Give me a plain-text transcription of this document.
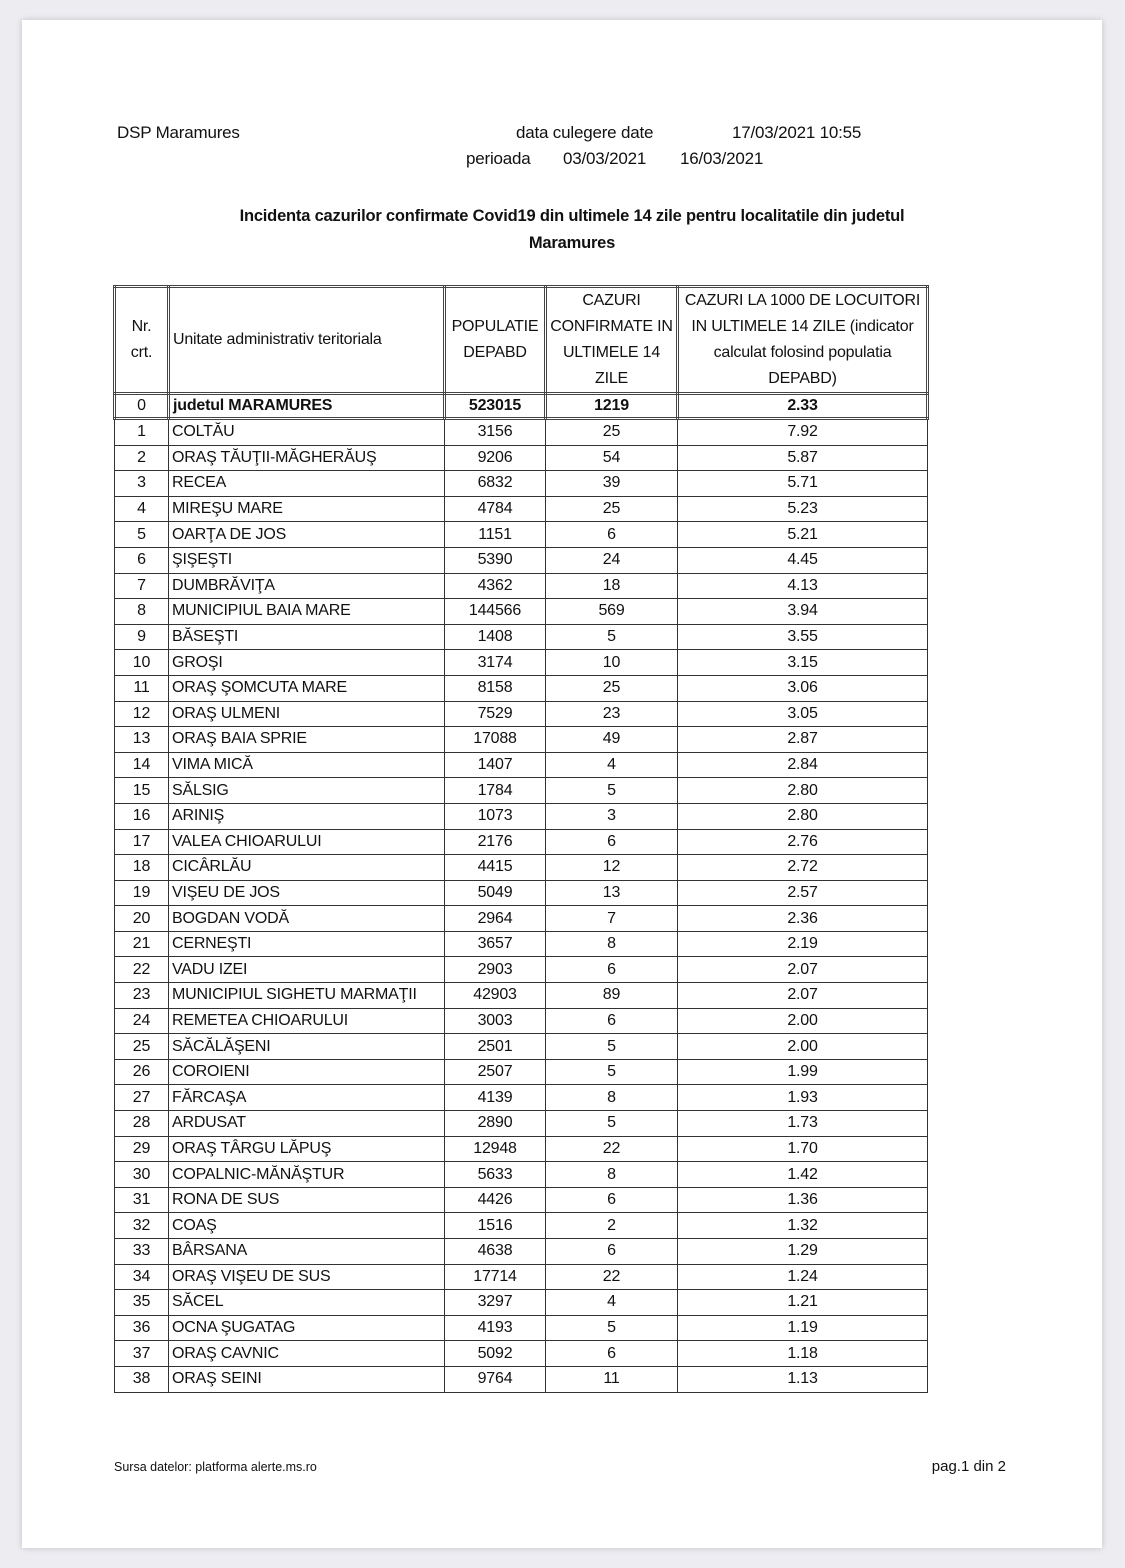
DSP Maramures	data culegere date	17/03/2021 10:55
perioada 03/03/2021 16/03/2021
Incidenta cazurilor confirmate Covid19 din ultimele 14 zile pentru localitatile din judetul
Maramures
Nr. crt.	Unitate administrativ teritoriala	POPULATIE DEPABD	CAZURI CONFIRMATE IN ULTIMELE 14 ZILE	CAZURI LA 1000 DE LOCUITORI IN ULTIMELE 14 ZILE (indicator calculat folosind populatia DEPABD)
0	judetul MARAMURES	523015	1219	2.33
1	COLTĂU	3156	25	7.92
2	ORAŞ TĂUŢII-MĂGHERĂUŞ	9206	54	5.87
3	RECEA	6832	39	5.71
4	MIREŞU MARE	4784	25	5.23
5	OARŢA DE JOS	1151	6	5.21
6	ŞIŞEŞTI	5390	24	4.45
7	DUMBRĂVIŢA	4362	18	4.13
8	MUNICIPIUL BAIA MARE	144566	569	3.94
9	BĂSEŞTI	1408	5	3.55
10	GROŞI	3174	10	3.15
11	ORAŞ ŞOMCUTA MARE	8158	25	3.06
12	ORAŞ ULMENI	7529	23	3.05
13	ORAŞ BAIA SPRIE	17088	49	2.87
14	VIMA MICĂ	1407	4	2.84
15	SĂLSIG	1784	5	2.80
16	ARINIŞ	1073	3	2.80
17	VALEA CHIOARULUI	2176	6	2.76
18	CICÂRLĂU	4415	12	2.72
19	VIŞEU DE JOS	5049	13	2.57
20	BOGDAN VODĂ	2964	7	2.36
21	CERNEŞTI	3657	8	2.19
22	VADU IZEI	2903	6	2.07
23	MUNICIPIUL SIGHETU MARMAŢII	42903	89	2.07
24	REMETEA CHIOARULUI	3003	6	2.00
25	SĂCĂLĂŞENI	2501	5	2.00
26	COROIENI	2507	5	1.99
27	FĂRCAŞA	4139	8	1.93
28	ARDUSAT	2890	5	1.73
29	ORAŞ TÂRGU LĂPUŞ	12948	22	1.70
30	COPALNIC-MĂNĂŞTUR	5633	8	1.42
31	RONA DE SUS	4426	6	1.36
32	COAŞ	1516	2	1.32
33	BÂRSANA	4638	6	1.29
34	ORAŞ VIŞEU DE SUS	17714	22	1.24
35	SĂCEL	3297	4	1.21
36	OCNA ŞUGATAG	4193	5	1.19
37	ORAŞ CAVNIC	5092	6	1.18
38	ORAŞ SEINI	9764	11	1.13
Sursa datelor: platforma alerte.ms.ro	pag.1 din 2
